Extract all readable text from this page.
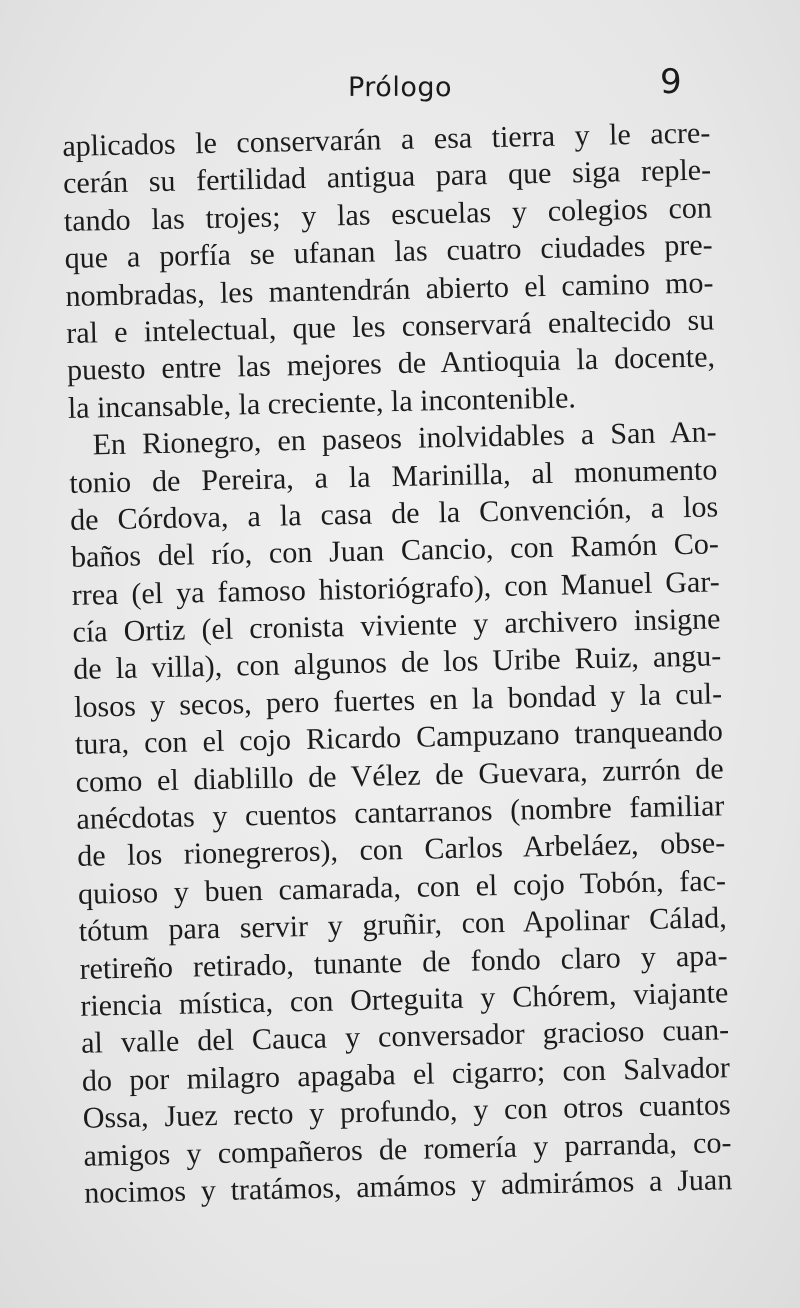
Prólogo	9
aplicados le conservarán a esa tierra y le acre-
cerán su fertilidad antigua para que siga reple-
tando las trojes; y las escuelas y colegios con
que a porfía se ufanan las cuatro ciudades pre-
nombradas, les mantendrán abierto el camino mo-
ral e intelectual, que les conservará enaltecido su
puesto entre las mejores de Antioquia la docente,
la incansable, la creciente, la incontenible.
En Rionegro, en paseos inolvidables a San An-
tonio de Pereira, a la Marinilla, al monumento
de Córdova, a la casa de la Convención, a los
baños del río, con Juan Cancio, con Ramón Co-
rrea (el ya famoso historiógrafo), con Manuel Gar-
cía Ortiz (el cronista viviente y archivero insigne
de la villa), con algunos de los Uribe Ruiz, angu-
losos y secos, pero fuertes en la bondad y la cul-
tura, con el cojo Ricardo Campuzano tranqueando
como el diablillo de Vélez de Guevara, zurrón de
anécdotas y cuentos cantarranos (nombre familiar
de los rionegreros), con Carlos Arbeláez, obse-
quioso y buen camarada, con el cojo Tobón, fac-
tótum para servir y gruñir, con Apolinar Cálad,
retireño retirado, tunante de fondo claro y apa-
riencia mística, con Orteguita y Chórem, viajante
al valle del Cauca y conversador gracioso cuan-
do por milagro apagaba el cigarro; con Salvador
Ossa, Juez recto y profundo, y con otros cuantos
amigos y compañeros de romería y parranda, co-
nocimos y tratámos, amámos y admirámos a Juan
